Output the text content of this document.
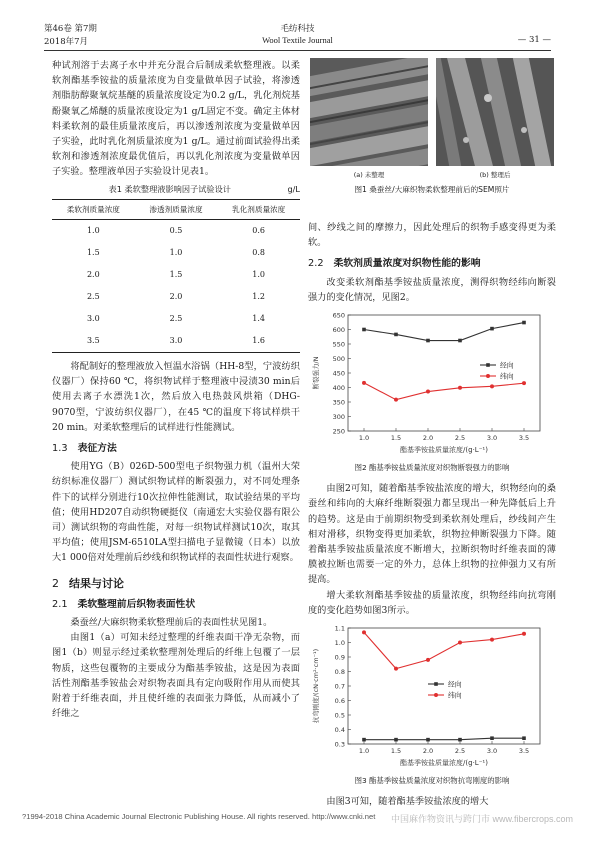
第46卷 第7期
2018年7月
毛纺科技
Wool Textile Journal	— 31 —

种试剂溶于去离子水中并充分混合后制成柔软整理液。以柔软剂酯基季铵盐的质量浓度为自变量做单因子试验，将渗透剂脂肪醇聚氧烷基醚的质量浓度设定为0.2 g/L，乳化剂烷基酚聚氧乙烯醚的质量浓度设定为1 g/L固定不变。确定主体材料柔软剂的最佳质量浓度后，再以渗透剂浓度为变量做单因子实验，此时乳化剂质量浓度为1 g/L。通过前面试验得出柔软剂和渗透剂浓度最优值后，再以乳化剂浓度为变量做单因子实验。整理液单因子实验设计见表1。

表1 柔软整理液影响因子试验设计	g/L
柔软剂质量浓度	渗透剂质量浓度	乳化剂质量浓度
1.0	0.5	0.6
1.5	1.0	0.8
2.0	1.5	1.0
2.5	2.0	1.2
3.0	2.5	1.4
3.5	3.0	1.6

将配制好的整理液放入恒温水浴锅（HH-8型，宁波纺织仪器厂）保持60 ℃，将织物试样于整理液中浸渍30 min后使用去离子水漂洗1次，然后放入电热鼓风烘箱（DHG-9070型，宁波纺织仪器厂），在45 ℃的温度下将试样烘干20 min。对柔软整理后的试样进行性能测试。

1.3 表征方法

使用YG（B）026D-500型电子织物强力机（温州大荣纺织标准仪器厂）测试织物试样的断裂强力，对不同处理条件下的试样分别进行10次拉伸性能测试，取试验结果的平均值；使用HD207自动织物硬挺仪（南通宏大实验仪器有限公司）测试织物的弯曲性能，对每一织物试样测试10次，取其平均值；使用JSM-6510LA型扫描电子显微镜（日本）以放大1 000倍对处理前后纱线和织物试样的表面性状进行观察。

2 结果与讨论
2.1 柔软整理前后织物表面性状

桑蚕丝/大麻织物柔软整理前后的表面性状见图1。

由图1（a）可知未经过整理的纤维表面干净无杂物，而图1（b）则显示经过柔软整理剂处理后的纤维上包覆了一层物质，这些包覆物的主要成分为酯基季铵盐，这是因为表面活性剂酯基季铵盐会对织物表面具有定向吸附作用从而使其附着于纤维表面，并且使纤维的表面张力降低，从而减小了纤维之

(a) 未整理	(b) 整理后
图1 桑蚕丝/大麻织物柔软整理前后的SEM照片

间、纱线之间的摩擦力，因此处理后的织物手感变得更为柔软。

2.2 柔软剂质量浓度对织物性能的影响

改变柔软剂酯基季铵盐质量浓度，测得织物经纬向断裂强力的变化情况，见图2。

250
300
350
400
450
500
550
600
650
1.0	1.5	2.0	2.5	3.0	3.5
酯基季铵盐质量浓度/(g·L⁻¹)
断裂强力/N	经向
纬向
图2 酯基季铵盐质量浓度对织物断裂强力的影响

由图2可知，随着酯基季铵盐浓度的增大，织物经向的桑蚕丝和纬向的大麻纤维断裂强力都呈现出一种先降低后上升的趋势。这是由于前期织物受到柔软剂处理后，纱线间产生相对滑移，织物变得更加柔软，织物拉伸断裂强力下降。随着酯基季铵盐质量浓度不断增大，拉断织物时纤维表面的薄膜被拉断也需要一定的外力，总体上织物的拉伸强力又有所提高。

增大柔软剂酯基季铵盐的质量浓度，织物经纬向抗弯刚度的变化趋势如图3所示。

0.3
0.4
0.5
0.6
0.7
0.8
0.9
1.0
1.1
1.0	1.5	2.0	2.5	3.0	3.5
酯基季铵盐质量浓度/(g·L⁻¹)
抗弯刚度/(cN·cm²·cm⁻¹)	经向
纬向
图3 酯基季铵盐质量浓度对织物抗弯刚度的影响

由图3可知，随着酯基季铵盐浓度的增大

?1994-2018 China Academic Journal Electronic Publishing House. All rights reserved. http://www.cnki.net 中国麻作物资讯与跨门市 www.fibercrops.com
